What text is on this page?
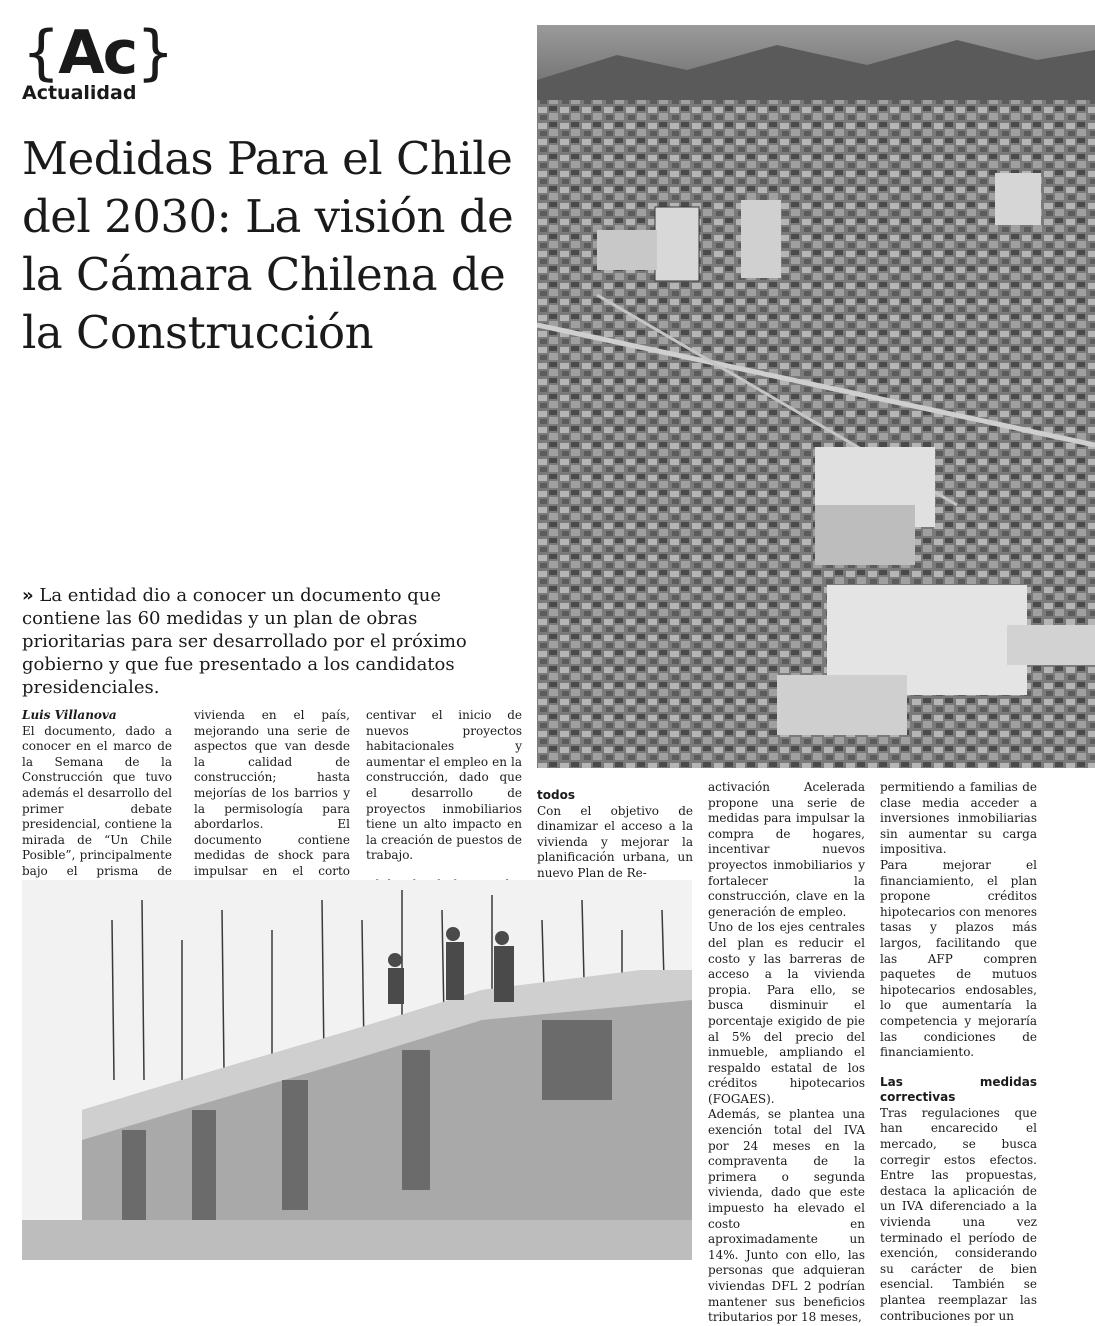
{Ac}
Actualidad
Medidas Para el Chile del 2030: La visión de la Cámara Chilena de la Construcción
» La entidad dio a conocer un documento que contiene las 60 medidas y un plan de obras prioritarias para ser desarrollado por el próximo gobierno y que fue presentado a los candidatos presidenciales.
Luis Villanova

El documento, dado a conocer en el marco de la Semana de la Construcción que tuvo además el desarrollo del primer debate presidencial, contiene la mirada de “Un Chile Posible”, principalmente bajo el prisma de

vivienda en el país, mejorando una serie de aspectos que van desde la calidad de construcción; hasta mejorías de los barrios y la permisología para abordarlos. El documento contiene medidas de shock para impulsar en el corto

centivar el inicio de nuevos proyectos habitacionales y aumentar el empleo en la construcción, dado que el desarrollo de proyectos inmobiliarios tiene un alto impacto en la creación de puestos de trabajo.

todos

Con el objetivo de dinamizar el acceso a la vivienda y mejorar la planificación urbana, un nuevo Plan de Re-

activación Acelerada propone una serie de medidas para impulsar la compra de hogares, incentivar nuevos proyectos inmobiliarios y fortalecer la construcción, clave en la generación de empleo.

Uno de los ejes centrales del plan es reducir el costo y las barreras de acceso a la vivienda propia. Para ello, se busca disminuir el porcentaje exigido de pie al 5% del precio del inmueble, ampliando el respaldo estatal de los créditos hipotecarios (FOGAES).

Además, se plantea una exención total del IVA por 24 meses en la compraventa de la primera o segunda vivienda, dado que este impuesto ha elevado el costo en aproximadamente un 14%. Junto con ello, las personas que adquieran viviendas DFL 2 podrían mantener sus beneficios tributarios por 18 meses,

permitiendo a familias de clase media acceder a inversiones inmobiliarias sin aumentar su carga impositiva.

Para mejorar el financiamiento, el plan propone créditos hipotecarios con menores tasas y plazos más largos, facilitando que las AFP compren paquetes de mutuos hipotecarios endosables, lo que aumentaría la competencia y mejoraría las condiciones de financiamiento.

Las medidas correctivas

Tras regulaciones que han encarecido el mercado, se busca corregir estos efectos. Entre las propuestas, destaca la aplicación de un IVA diferenciado a la vivienda una vez terminado el período de exención, considerando su carácter de bien esencial. También se plantea reemplazar las contribuciones por un
